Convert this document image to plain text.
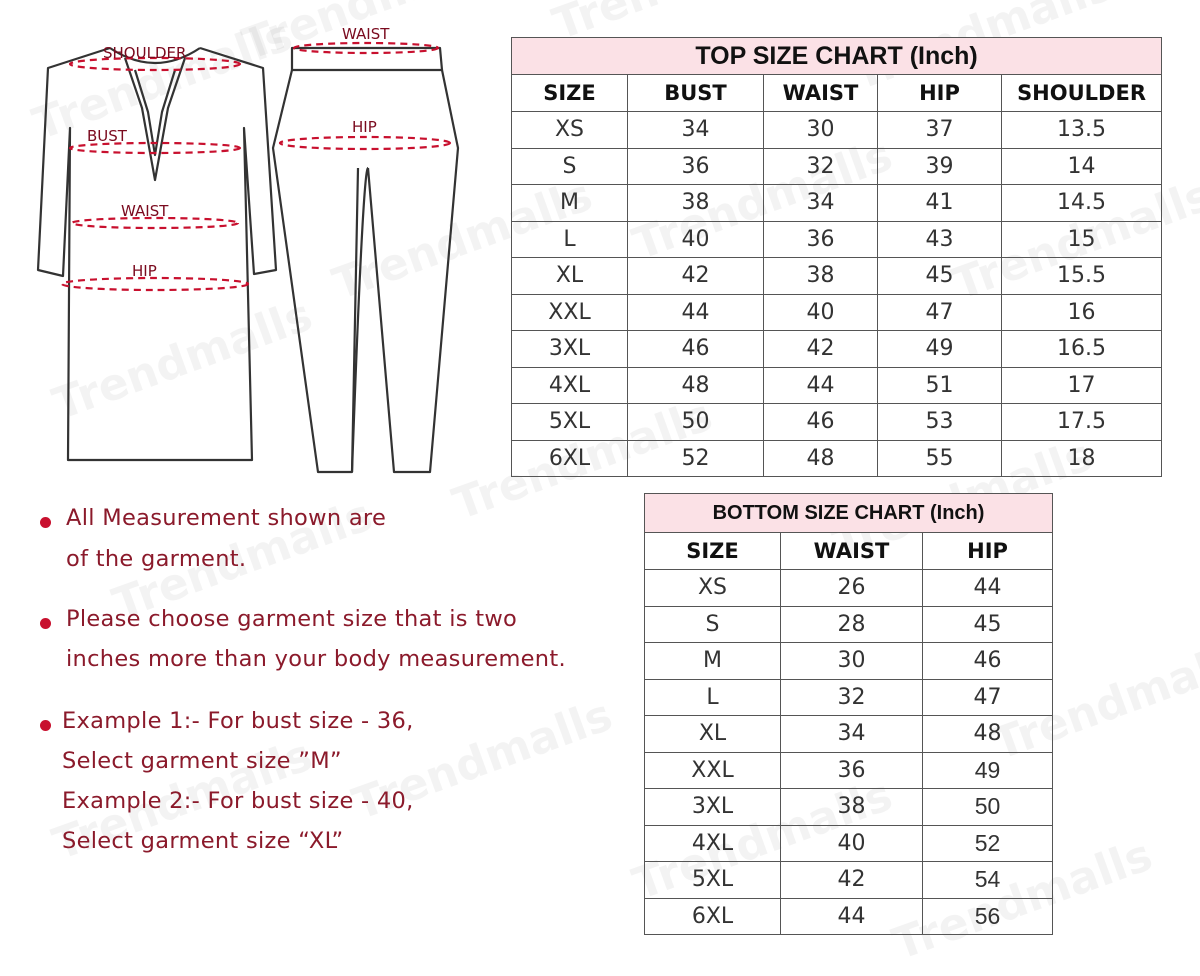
SHOULDER
BUST
WAIST
HIP
WAIST
HIP
TOP SIZE CHART (Inch)				
SIZE	BUST	WAIST	HIP	SHOULDER
XS	34	30	37	13.5
S	36	32	39	14
M	38	34	41	14.5
L	40	36	43	15
XL	42	38	45	15.5
XXL	44	40	47	16
3XL	46	42	49	16.5
4XL	48	44	51	17
5XL	50	46	53	17.5
6XL	52	48	55	18
BOTTOM SIZE CHART (Inch)		
SIZE	WAIST	HIP
XS	26	44
S	28	45
M	30	46
L	32	47
XL	34	48
XXL	36	49
3XL	38	50
4XL	40	52
5XL	42	54
6XL	44	56
All Measurement shown are
of the garment.
Please choose garment size that is two
inches more than your body measurement.
Example 1:- For bust size - 36,
Select garment size ”M”
Example 2:- For bust size - 40,
Select garment size “XL”
